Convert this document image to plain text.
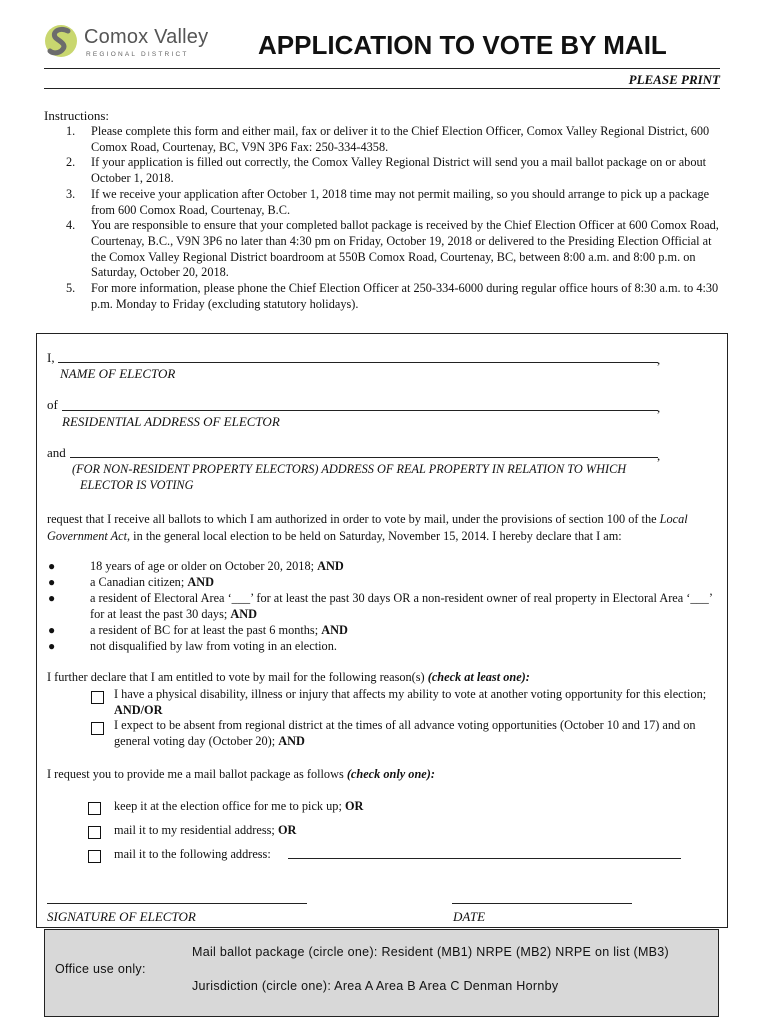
Comox Valley
REGIONAL DISTRICT	APPLICATION TO VOTE BY MAIL
PLEASE PRINT
Instructions:
1. Please complete this form and either mail, fax or deliver it to the Chief Election Officer, Comox Valley Regional District, 600 Comox Road, Courtenay, BC, V9N 3P6 Fax: 250-334-4358.
2. If your application is filled out correctly, the Comox Valley Regional District will send you a mail ballot package on or about October 1, 2018.
3. If we receive your application after October 1, 2018 time may not permit mailing, so you should arrange to pick up a package from 600 Comox Road, Courtenay, B.C.
4. You are responsible to ensure that your completed ballot package is received by the Chief Election Officer at 600 Comox Road, Courtenay, B.C., V9N 3P6 no later than 4:30 pm on Friday, October 19, 2018 or delivered to the Presiding Election Official at the Comox Valley Regional District boardroom at 550B Comox Road, Courtenay, BC, between 8:00 a.m. and 8:00 p.m. on Saturday, October 20, 2018.
5. For more information, please phone the Chief Election Officer at 250-334-6000 during regular office hours of 8:30 a.m. to 4:30 p.m. Monday to Friday (excluding statutory holidays).
I,	,
NAME OF ELECTOR
of	,
RESIDENTIAL ADDRESS OF ELECTOR
and	,
(FOR NON-RESIDENT PROPERTY ELECTORS) ADDRESS OF REAL PROPERTY IN RELATION TO WHICH
ELECTOR IS VOTING
request that I receive all ballots to which I am authorized in order to vote by mail, under the provisions of section 100 of the Local Government Act, in the general local election to be held on Saturday, November 15, 2014. I hereby declare that I am:
●	18 years of age or older on October 20, 2018; AND
●	a Canadian citizen; AND
●	a resident of Electoral Area ‘___’ for at least the past 30 days OR a non-resident owner of real property in Electoral Area ‘___’ for at least the past 30 days; AND
●	a resident of BC for at least the past 6 months; AND
●	not disqualified by law from voting in an election.
I further declare that I am entitled to vote by mail for the following reason(s) (check at least one):
I have a physical disability, illness or injury that affects my ability to vote at another voting opportunity for this election; AND/OR
I expect to be absent from regional district at the times of all advance voting opportunities (October 10 and 17) and on general voting day (October 20); AND
I request you to provide me a mail ballot package as follows (check only one):
keep it at the election office for me to pick up; OR
mail it to my residential address; OR
mail it to the following address:
SIGNATURE OF ELECTOR	DATE
Office use only:
Mail ballot package (circle one): Resident (MB1) NRPE (MB2) NRPE on list (MB3)
Jurisdiction (circle one): Area A Area B Area C Denman Hornby
